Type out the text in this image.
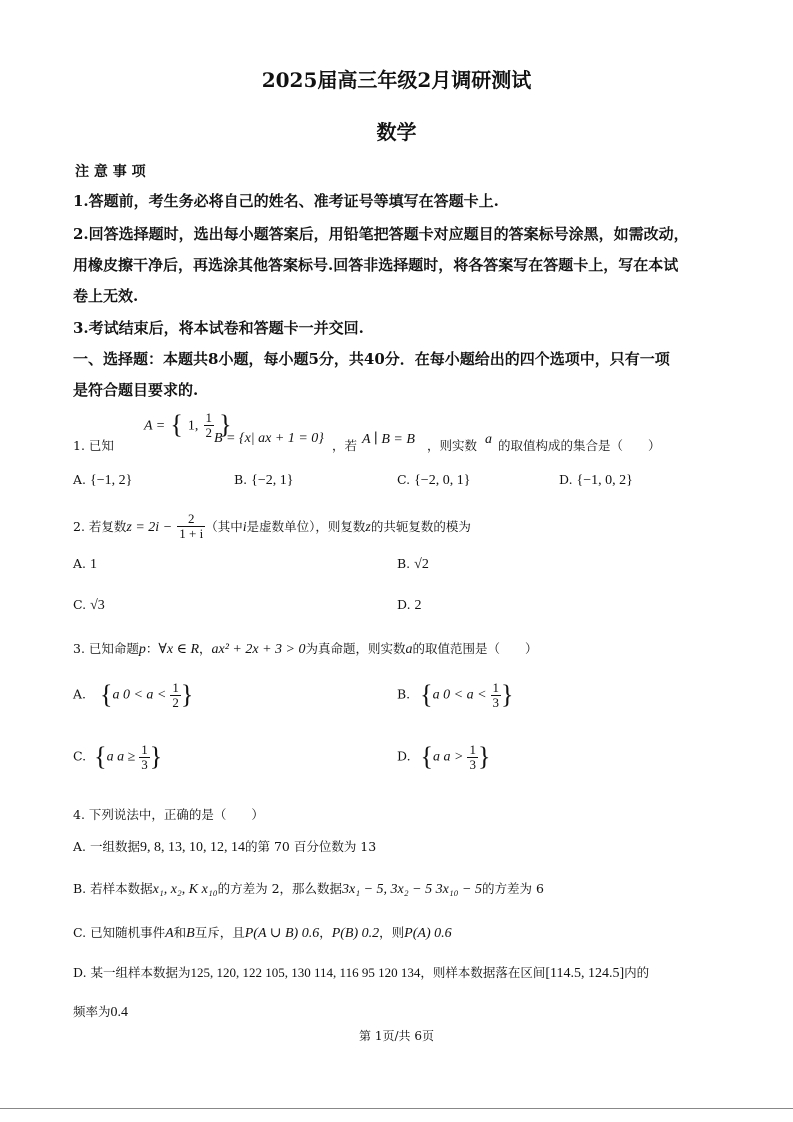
2025届高三年级2月调研测试
数学
注 意 事 项
1.答题前，考生务必将自己的姓名、准考证号等填写在答题卡上.
2.回答选择题时，选出每小题答案后，用铅笔把答题卡对应题目的答案标号涂黑，如需改动，
用橡皮擦干净后，再选涂其他答案标号.回答非选择题时，将各答案写在答题卡上，写在本试
卷上无效.
3.考试结束后，将本试卷和答题卡一并交回.
一、选择题：本题共8小题，每小题5分，共40分．在每小题给出的四个选项中，只有一项
是符合题目要求的.
1. 已知
A = { 1, $\frac{1}{2}$ }
B = {x| ax + 1 = 0} ，若 A ∣ B = B ，则实数 a 的取值构成的集合是（　　）
A. {−1, 2}	B. {−2, 1}	C. {−2, 0, 1}	D. {−1, 0, 2}
2. 若复数$z = 2i - \frac{2}{1 + i}$ （其中i是虚数单位），则复数z的共轭复数的模为
A. 1	B. √2
C. √3	D. 2
3. 已知命题p：∀x ∈ R，ax² + 2x + 3 > 0为真命题，则实数a的取值范围是（　　）
A. {a $0 < a < \frac{1}{2}$ }	B. {a $0 < a < \frac{1}{3}$ }
C. {a $a \ge \frac{1}{3}$ }	D. {a $a > \frac{1}{3}$ }
4. 下列说法中，正确的是（　　）
A. 一组数据9, 8, 13, 10, 12, 14的第 70 百分位数为 13
B. 若样本数据x₁, x₂, K x₁₀的方差为 2，那么数据3x₁ − 5, 3x₂ − 5 3x₁₀ − 5的方差为 6
C. 已知随机事件A和B互斥，且P(A ∪ B) 0.6，P(B) 0.2，则P(A) 0.6
D. 某一组样本数据为125, 120, 122 105, 130 114, 116 95 120 134，则样本数据落在区间[114.5, 124.5]内的
频率为0.4
第 1页/共 6页
